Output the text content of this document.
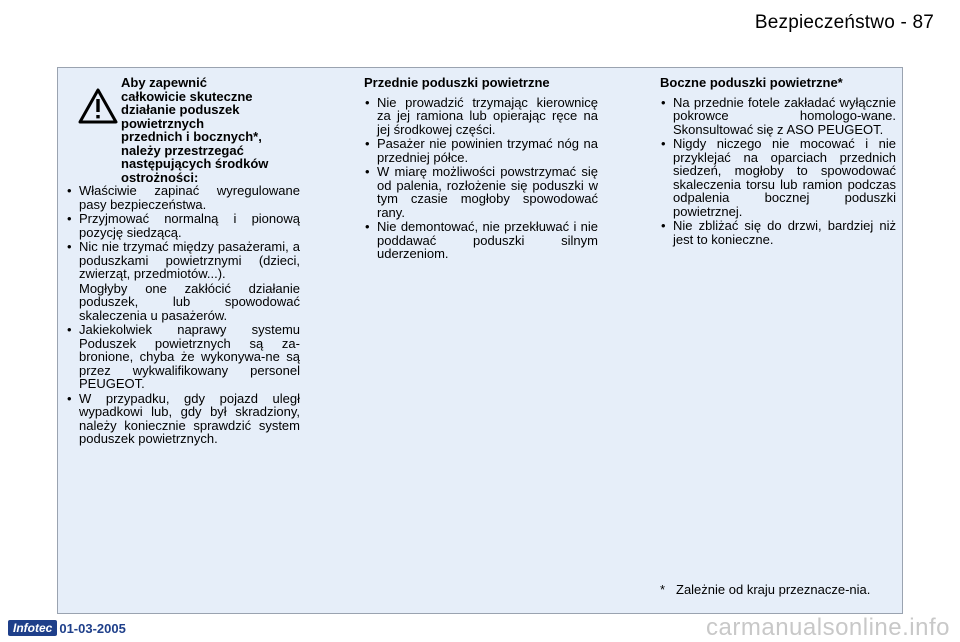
Bezpieczeństwo - 87
Aby zapewnić
całkowicie skuteczne
działanie poduszek
powietrznych
przednich i bocznych*,
należy przestrzegać
następujących środków
ostrożności:
• Właściwie zapinać wyregulowane pasy bezpieczeństwa.
• Przyjmować normalną i pionową pozycję siedzącą.
• Nic nie trzymać między pasażerami, a poduszkami powietrznymi (dzieci, zwierząt, przedmiotów...).
Mogłyby one zakłócić działanie poduszek, lub spowodować skaleczenia u pasażerów.
• Jakiekolwiek naprawy systemu Poduszek powietrznych są za-bronione, chyba że wykonywa-ne są przez wykwalifikowany personel PEUGEOT.
• W przypadku, gdy pojazd uległ wypadkowi lub, gdy był skradziony, należy koniecznie sprawdzić system poduszek powietrznych.
Przednie poduszki powietrzne
• Nie prowadzić trzymając kierownicę za jej ramiona lub opierając ręce na jej środkowej części.
• Pasażer nie powinien trzymać nóg na przedniej półce.
• W miarę możliwości powstrzymać się od palenia, rozłożenie się poduszki w tym czasie mogłoby spowodować rany.
• Nie demontować, nie przekłuwać i nie poddawać poduszki silnym uderzeniom.
Boczne poduszki powietrzne*
• Na przednie fotele zakładać wyłącznie pokrowce homologo-wane. Skonsultować się z ASO PEUGEOT.
• Nigdy niczego nie mocować i nie przyklejać na oparciach przednich siedzeń, mogłoby to spowodować skaleczenia torsu lub ramion podczas odpalenia bocznej poduszki powietrznej.
• Nie zbliżać się do drzwi, bardziej niż jest to konieczne.
* Zależnie od kraju przeznacze-nia.
Infotec 01-03-2005	carmanualsonline.info
